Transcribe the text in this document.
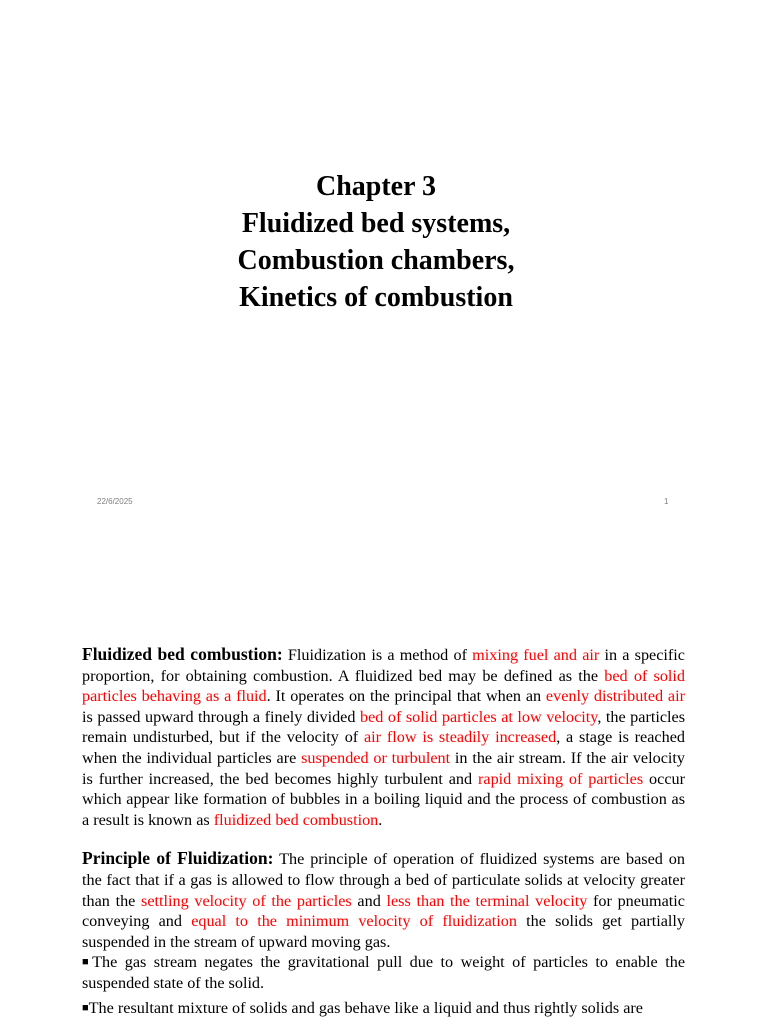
Chapter 3
Fluidized bed systems,
Combustion chambers,
Kinetics of combustion
22/6/2025	1

Fluidized bed combustion: Fluidization is a method of mixing fuel and air in a specific proportion, for obtaining combustion. A fluidized bed may be defined as the bed of solid particles behaving as a fluid. It operates on the principal that when an evenly distributed air is passed upward through a finely divided bed of solid particles at low velocity, the particles remain undisturbed, but if the velocity of air flow is steadily increased, a stage is reached when the individual particles are suspended or turbulent in the air stream. If the air velocity is further increased, the bed becomes highly turbulent and rapid mixing of particles occur which appear like formation of bubbles in a boiling liquid and the process of combustion as a result is known as fluidized bed combustion.

Principle of Fluidization: The principle of operation of fluidized systems are based on the fact that if a gas is allowed to flow through a bed of particulate solids at velocity greater than the settling velocity of the particles and less than the terminal velocity for pneumatic conveying and equal to the minimum velocity of fluidization the solids get partially suspended in the stream of upward moving gas.

■The gas stream negates the gravitational pull due to weight of particles to enable the suspended state of the solid.

■The resultant mixture of solids and gas behave like a liquid and thus rightly solids are
